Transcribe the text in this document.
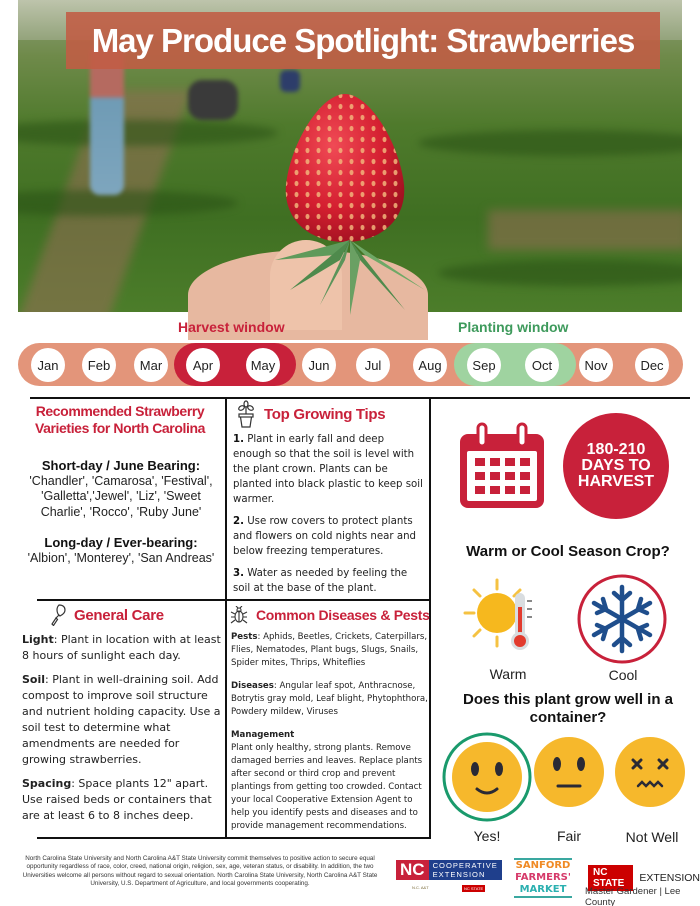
May Produce Spotlight: Strawberries
Harvest window	Planting window
Jan	Feb	Mar	Apr	May	Jun	Jul	Aug	Sep	Oct	Nov	Dec
Recommended Strawberry Varieties for North Carolina
Short-day / June Bearing:
'Chandler', 'Camarosa', 'Festival', 'Galletta','Jewel', 'Liz', 'Sweet Charlie', 'Rocco', 'Ruby June'
Long-day / Ever-bearing:
'Albion', 'Monterey', 'San Andreas'
Top Growing Tips

1. Plant in early fall and deep enough so that the soil is level with the plant crown. Plants can be planted into black plastic to keep soil warmer.

2. Use row covers to protect plants and flowers on cold nights near and below freezing temperatures.

3. Water as needed by feeling the soil at the base of the plant.

General Care

Light: Plant in location with at least 8 hours of sunlight each day.

Soil: Plant in well-draining soil. Add compost to improve soil structure and nutrient holding capacity. Use a soil test to determine what amendments are needed for growing strawberries.

Spacing: Space plants 12" apart. Use raised beds or containers that are at least 6 to 8 inches deep.

Common Diseases & Pests

Pests: Aphids, Beetles, Crickets, Caterpillars, Flies, Nematodes, Plant bugs, Slugs, Snails, Spider mites, Thrips, Whiteflies

Diseases: Angular leaf spot, Anthracnose, Botrytis gray mold, Leaf blight, Phytophthora, Powdery mildew, Viruses

Management
Plant only healthy, strong plants. Remove damaged berries and leaves. Replace plants after second or third crop and prevent plantings from getting too crowded. Contact your local Cooperative Extension Agent to help you identify pests and diseases and to provide management recommendations.

180-210
DAYS TO
HARVEST
Warm or Cool Season Crop?
Warm	Cool
Does this plant grow well in a container?
Yes!	Fair	Not Well
North Carolina State University and North Carolina A&T State University commit themselves to positive action to secure equal opportunity regardless of race, color, creed, national origin, religion, sex, age, veteran status, or disability. In addition, the two Universities welcome all persons without regard to sexual orientation. North Carolina State University, North Carolina A&T State University, U.S. Department of Agriculture, and local governments cooperating.
NC	COOPERATIVE
EXTENSION
N.C. A&T	NC STATE
SANFORD
FARMERS'
MARKET
NC STATE	EXTENSION
Master Gardener | Lee County
